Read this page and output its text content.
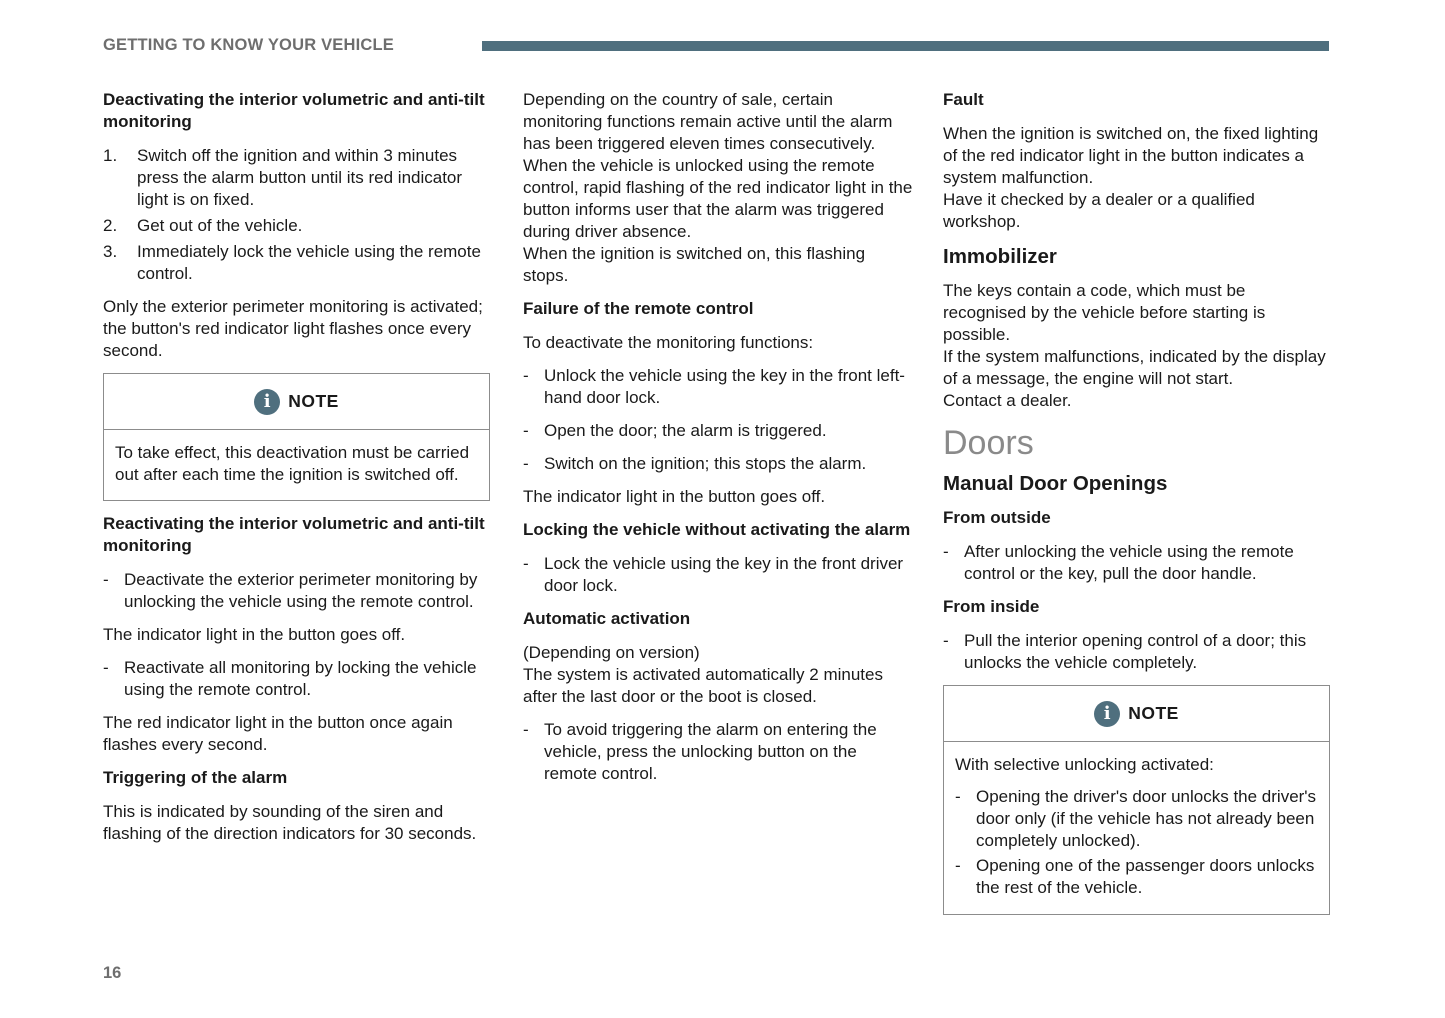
GETTING TO KNOW YOUR VEHICLE
Deactivating the interior volumetric and anti-tilt monitoring
1. Switch off the ignition and within 3 minutes press the alarm button until its red indicator light is on fixed.
2. Get out of the vehicle.
3. Immediately lock the vehicle using the remote control.

Only the exterior perimeter monitoring is activated; the button's red indicator light flashes once every second.

i	NOTE

To take effect, this deactivation must be carried out after each time the ignition is switched off.

Reactivating the interior volumetric and anti-tilt monitoring
- Deactivate the exterior perimeter monitoring by unlocking the vehicle using the remote control.

The indicator light in the button goes off.

- Reactivate all monitoring by locking the vehicle using the remote control.

The red indicator light in the button once again flashes every second.

Triggering of the alarm

This is indicated by sounding of the siren and flashing of the direction indicators for 30 seconds.

Depending on the country of sale, certain monitoring functions remain active until the alarm has been triggered eleven times consecutively.

When the vehicle is unlocked using the remote control, rapid flashing of the red indicator light in the button informs user that the alarm was triggered during driver absence.

When the ignition is switched on, this flashing stops.

Failure of the remote control

To deactivate the monitoring functions:

- Unlock the vehicle using the key in the front left-hand door lock.
- Open the door; the alarm is triggered.
- Switch on the ignition; this stops the alarm.

The indicator light in the button goes off.

Locking the vehicle without activating the alarm
- Lock the vehicle using the key in the front driver door lock.
Automatic activation

(Depending on version)

The system is activated automatically 2 minutes after the last door or the boot is closed.

- To avoid triggering the alarm on entering the vehicle, press the unlocking button on the remote control.
Fault

When the ignition is switched on, the fixed lighting of the red indicator light in the button indicates a system malfunction.

Have it checked by a dealer or a qualified workshop.

Immobilizer

The keys contain a code, which must be recognised by the vehicle before starting is possible.

If the system malfunctions, indicated by the display of a message, the engine will not start.

Contact a dealer.

Doors
Manual Door Openings
From outside
- After unlocking the vehicle using the remote control or the key, pull the door handle.
From inside
- Pull the interior opening control of a door; this unlocks the vehicle completely.
i	NOTE

With selective unlocking activated:

- Opening the driver's door unlocks the driver's door only (if the vehicle has not already been completely unlocked).
- Opening one of the passenger doors unlocks the rest of the vehicle.
16
